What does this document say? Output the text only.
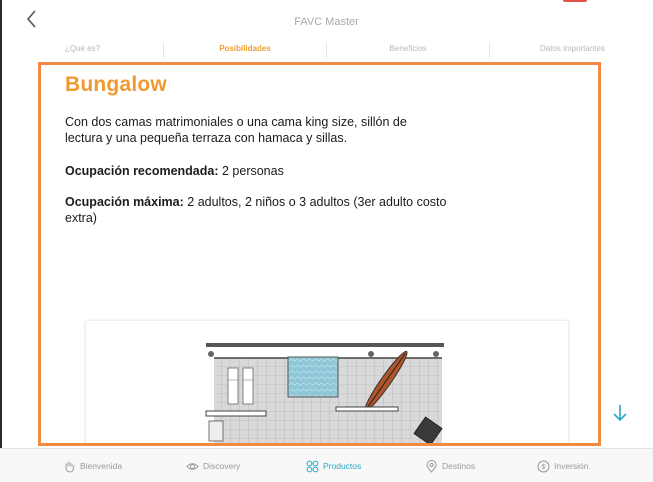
FAVC Master
¿Qué es?	Posibilidades	Beneficios	Datos importantes
Bungalow
Con dos camas matrimoniales o una cama king size, sillón de lectura y una pequeña terraza con hamaca y sillas.
Ocupación recomendada: 2 personas
Ocupación máxima: 2 adultos, 2 niños o 3 adultos (3er adulto costo extra)
Bienvenida	Discovery	Productos	Destinos	$ Inversión
